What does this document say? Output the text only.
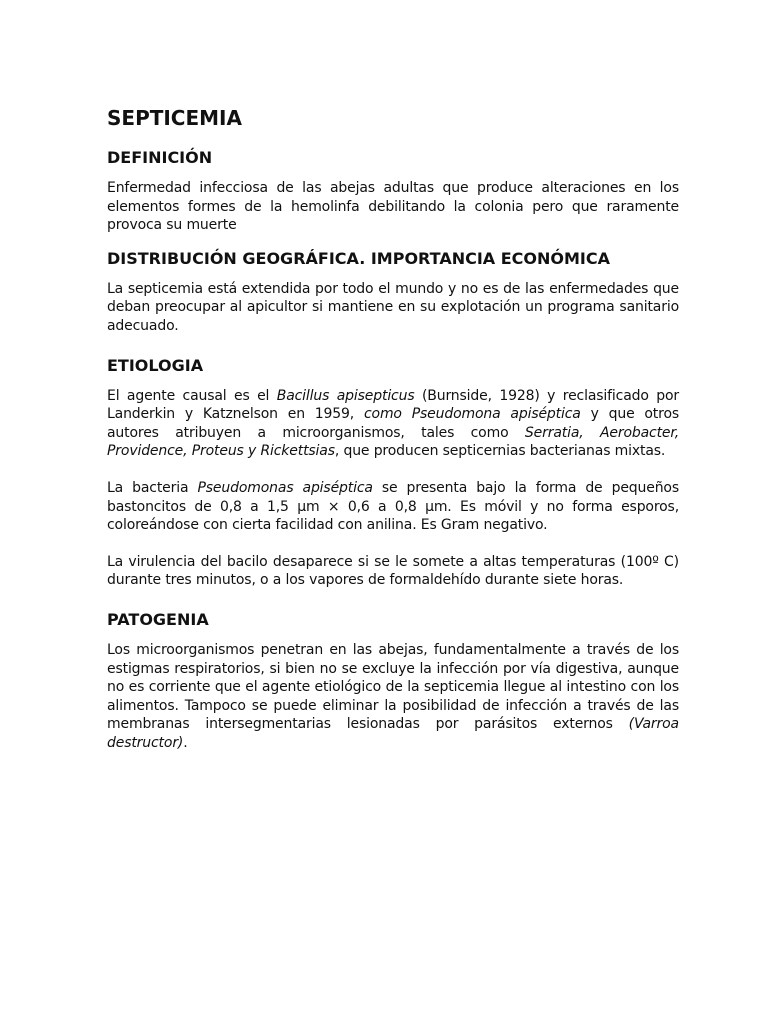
SEPTICEMIA
DEFINICIÓN

Enfermedad infecciosa de las abejas adultas que produce alteraciones en los elementos formes de la hemolinfa debilitando la colonia pero que raramente provoca su muerte

DISTRIBUCIÓN GEOGRÁFICA. IMPORTANCIA ECONÓMICA

La septicemia está extendida por todo el mundo y no es de las enfermedades que deban preocupar al apicultor si mantiene en su explotación un programa sanitario adecuado.

ETIOLOGIA

El agente causal es el Bacillus apisepticus (Burnside, 1928) y reclasificado por Landerkin y Katznelson en 1959, como Pseudomona apiséptica y que otros autores atribuyen a microorganismos, tales como Serratia, Aerobacter, Providence, Proteus y Rickettsias, que producen septicernias bacterianas mixtas.

La bacteria Pseudomonas apiséptica se presenta bajo la forma de pequeños bastoncitos de 0,8 a 1,5 µm × 0,6 a 0,8 µm. Es móvil y no forma esporos, coloreándose con cierta facilidad con anilina. Es Gram negativo.

La virulencia del bacilo desaparece si se le somete a altas temperaturas (100º C) durante tres minutos, o a los vapores de formaldehído durante siete horas.

PATOGENIA

Los microorganismos penetran en las abejas, fundamentalmente a través de los estigmas respiratorios, si bien no se excluye la infección por vía digestiva, aunque no es corriente que el agente etiológico de la septicemia llegue al intestino con los alimentos. Tampoco se puede eliminar la posibilidad de infección a través de las membranas intersegmentarias lesionadas por parásitos externos (Varroa destructor).
